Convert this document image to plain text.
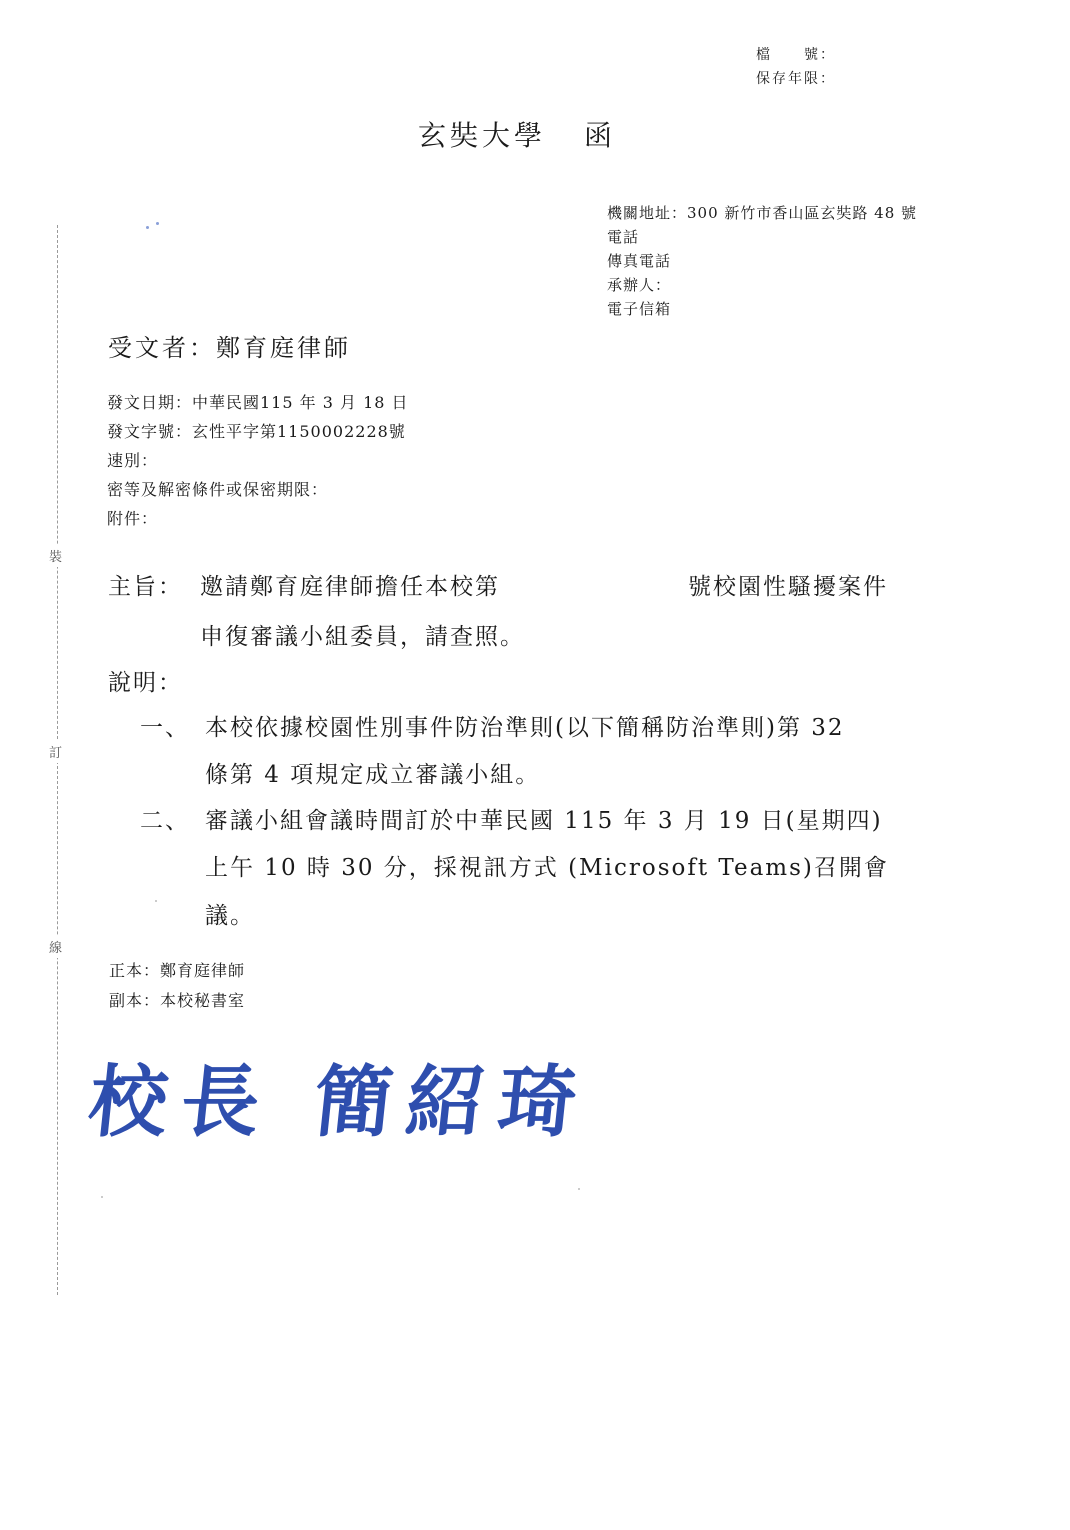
檔　　號：
保存年限：
玄奘大學 函
機關地址：300 新竹市香山區玄奘路 48 號
電話
傳真電話
承辦人：
電子信箱
受文者：鄭育庭律師
發文日期：中華民國115 年 3 月 18 日
發文字號：玄性平字第1150002228號
速別：
密等及解密條件或保密期限：
附件：
主旨： 邀請鄭育庭律師擔任本校第	號校園性騷擾案件
申復審議小組委員，請查照。
說明：
一、 本校依據校園性別事件防治準則(以下簡稱防治準則)第 32
條第 4 項規定成立審議小組。
二、 審議小組會議時間訂於中華民國 115 年 3 月 19 日(星期四)
上午 10 時 30 分，採視訊方式 (Microsoft Teams)召開會
議。
正本：鄭育庭律師
副本：本校秘書室
裝
訂
線
校長 簡紹琦
